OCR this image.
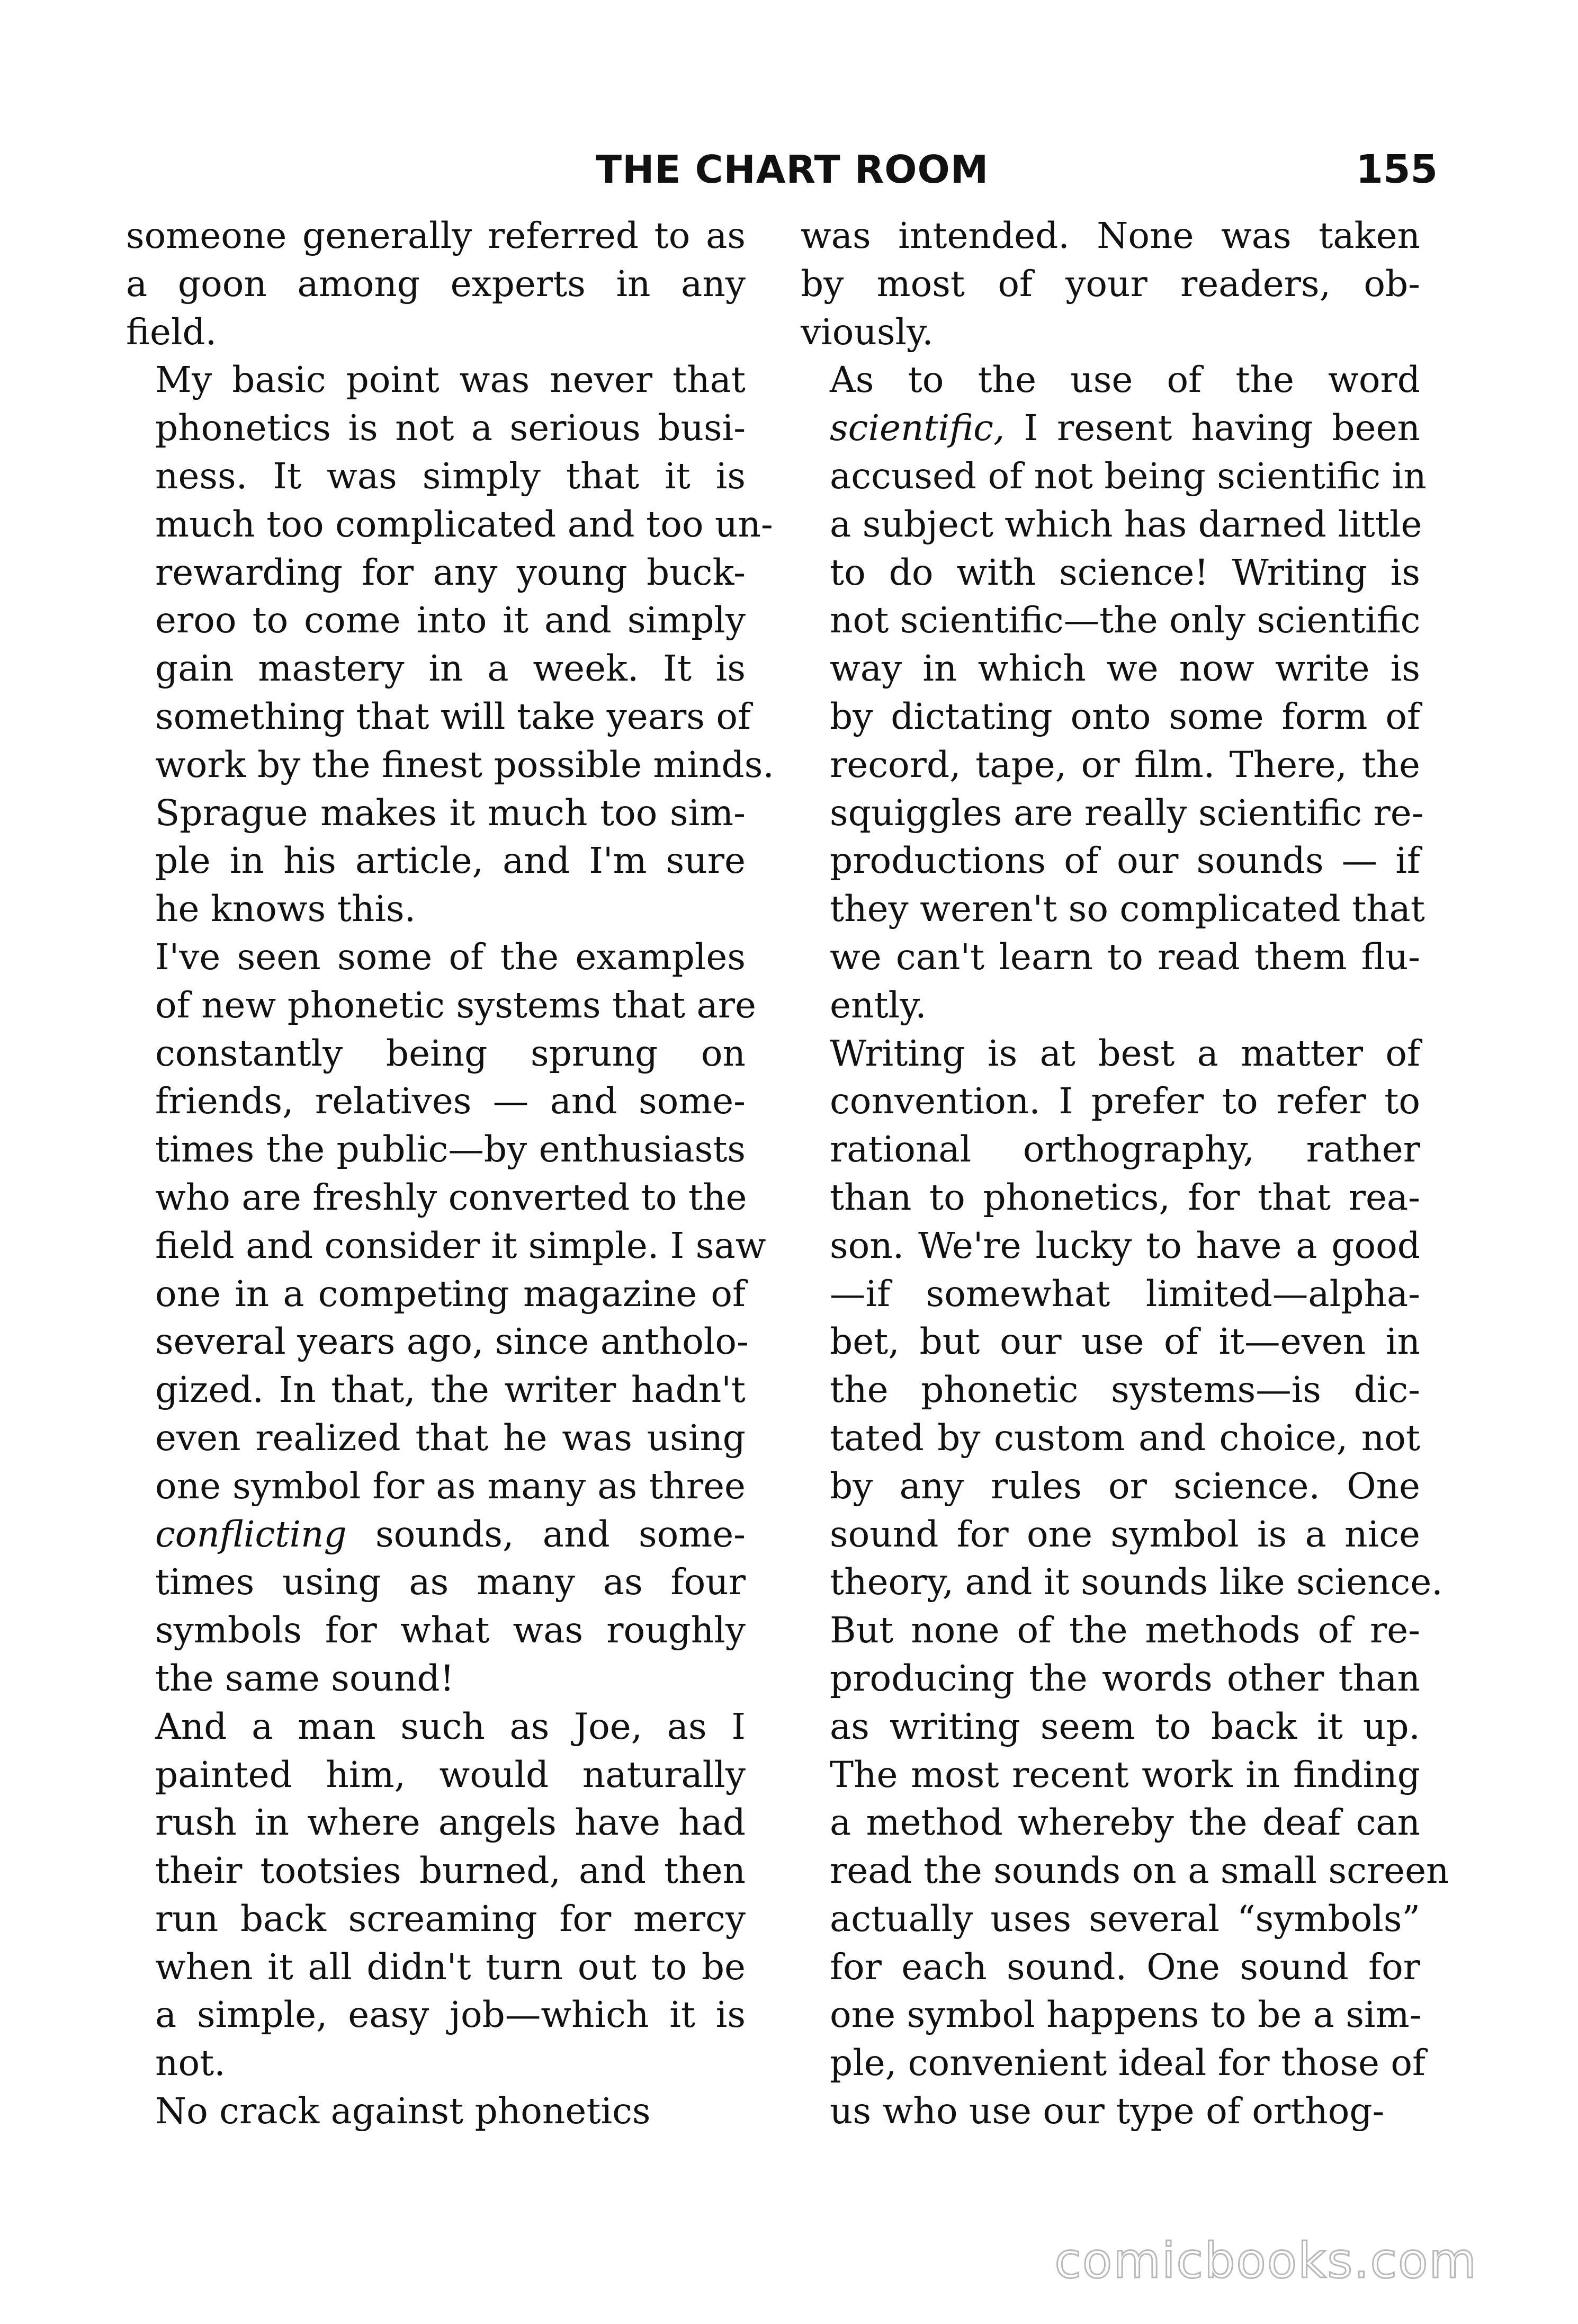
THE CHART ROOM	155

someone generally referred to as
a goon among experts in any
field.

My basic point was never that
phonetics is not a serious busi-
ness. It was simply that it is
much too complicated and too un-
rewarding for any young buck-
eroo to come into it and simply
gain mastery in a week. It is
something that will take years of
work by the finest possible minds.
Sprague makes it much too sim-
ple in his article, and I'm sure
he knows this.

I've seen some of the examples
of new phonetic systems that are
constantly being sprung on
friends, relatives — and some-
times the public—by enthusiasts
who are freshly converted to the
field and consider it simple. I saw
one in a competing magazine of
several years ago, since antholo-
gized. In that, the writer hadn't
even realized that he was using
one symbol for as many as three
conflicting sounds, and some-
times using as many as four
symbols for what was roughly
the same sound!

And a man such as Joe, as I
painted him, would naturally
rush in where angels have had
their tootsies burned, and then
run back screaming for mercy
when it all didn't turn out to be
a simple, easy job—which it is
not.

No crack against phonetics

was intended. None was taken
by most of your readers, ob-
viously.

As to the use of the word
scientific, I resent having been
accused of not being scientific in
a subject which has darned little
to do with science! Writing is
not scientific—the only scientific
way in which we now write is
by dictating onto some form of
record, tape, or film. There, the
squiggles are really scientific re-
productions of our sounds — if
they weren't so complicated that
we can't learn to read them flu-
ently.

Writing is at best a matter of
convention. I prefer to refer to
rational orthography, rather
than to phonetics, for that rea-
son. We're lucky to have a good
—if somewhat limited—alpha-
bet, but our use of it—even in
the phonetic systems—is dic-
tated by custom and choice, not
by any rules or science. One
sound for one symbol is a nice
theory, and it sounds like science.
But none of the methods of re-
producing the words other than
as writing seem to back it up.
The most recent work in finding
a method whereby the deaf can
read the sounds on a small screen
actually uses several “symbols”
for each sound. One sound for
one symbol happens to be a sim-
ple, convenient ideal for those of
us who use our type of orthog-

comicbooks.com
